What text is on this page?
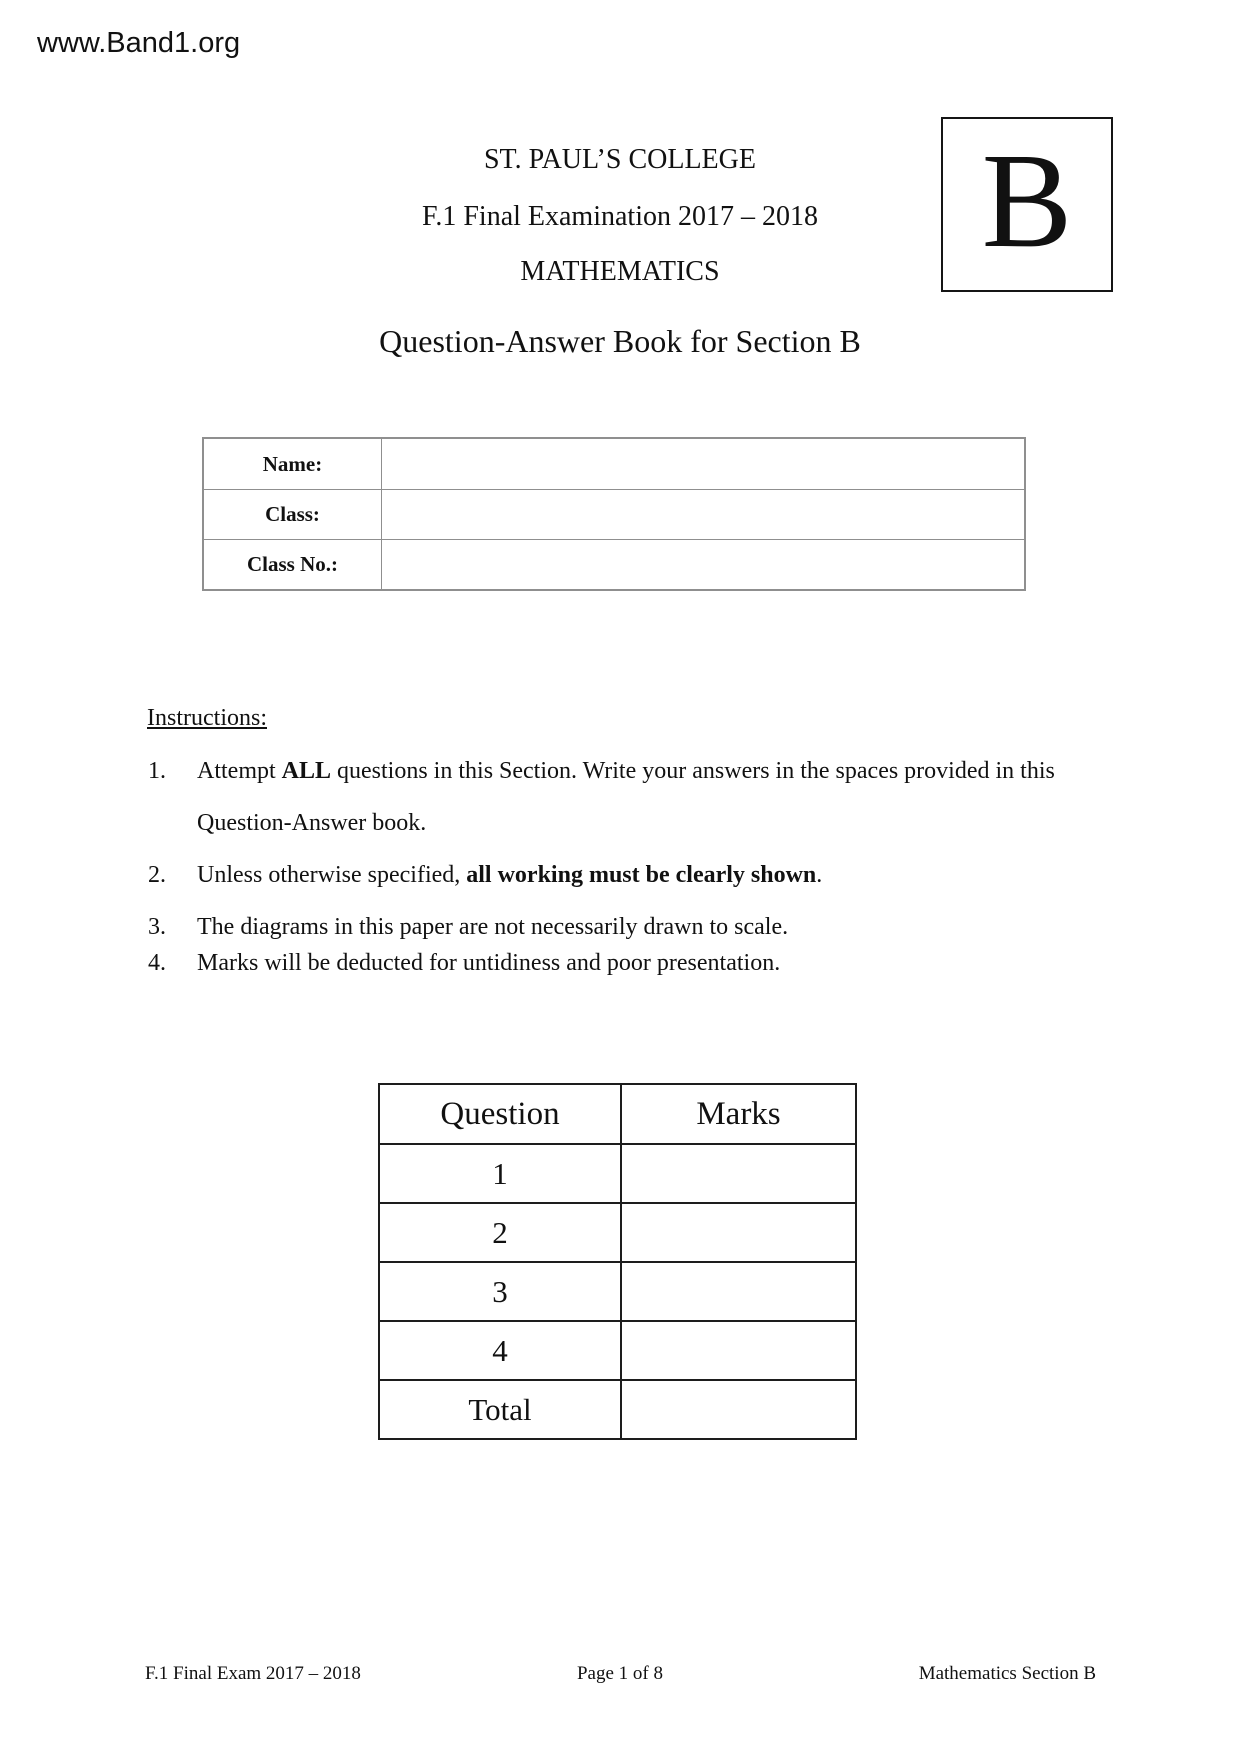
www.Band1.org
ST. PAUL’S COLLEGE
F.1 Final Examination 2017 – 2018
MATHEMATICS	B
Question-Answer Book for Section B
Name:
Class:
Class No.:
Instructions:
1.	Attempt ALL questions in this Section. Write your answers in the spaces provided in this Question-Answer book.
2.	Unless otherwise specified, all working must be clearly shown.
3.	The diagrams in this paper are not necessarily drawn to scale.
4.	Marks will be deducted for untidiness and poor presentation.
Question	Marks
1	
2	
3	
4	
Total	
F.1 Final Exam 2017 – 2018	Page 1 of 8	Mathematics Section B
